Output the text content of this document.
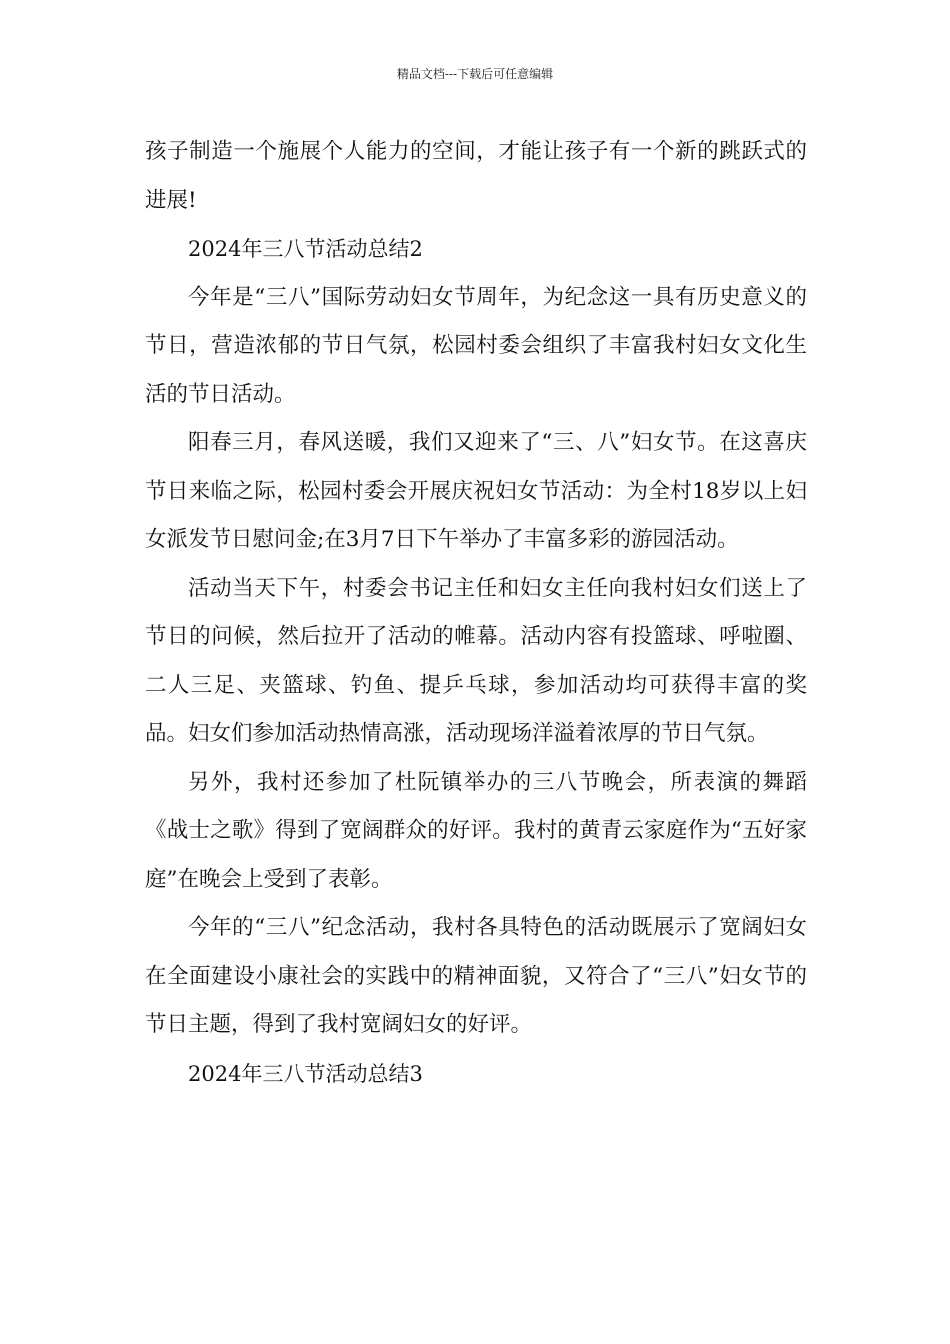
精品文档---下载后可任意编辑

孩子制造一个施展个人能力的空间，才能让孩子有一个新的跳跃式的进展!

2024年三八节活动总结2

今年是“三八”国际劳动妇女节周年，为纪念这一具有历史意义的节日，营造浓郁的节日气氛，松园村委会组织了丰富我村妇女文化生活的节日活动。

阳春三月，春风送暖，我们又迎来了“三、八”妇女节。在这喜庆节日来临之际，松园村委会开展庆祝妇女节活动：为全村18岁以上妇女派发节日慰问金;在3月7日下午举办了丰富多彩的游园活动。

活动当天下午，村委会书记主任和妇女主任向我村妇女们送上了节日的问候，然后拉开了活动的帷幕。活动内容有投篮球、呼啦圈、二人三足、夹篮球、钓鱼、提乒乓球，参加活动均可获得丰富的奖品。妇女们参加活动热情高涨，活动现场洋溢着浓厚的节日气氛。

另外，我村还参加了杜阮镇举办的三八节晚会，所表演的舞蹈《战士之歌》得到了宽阔群众的好评。我村的黄青云家庭作为“五好家庭”在晚会上受到了表彰。

今年的“三八”纪念活动，我村各具特色的活动既展示了宽阔妇女在全面建设小康社会的实践中的精神面貌，又符合了“三八”妇女节的节日主题，得到了我村宽阔妇女的好评。

2024年三八节活动总结3
